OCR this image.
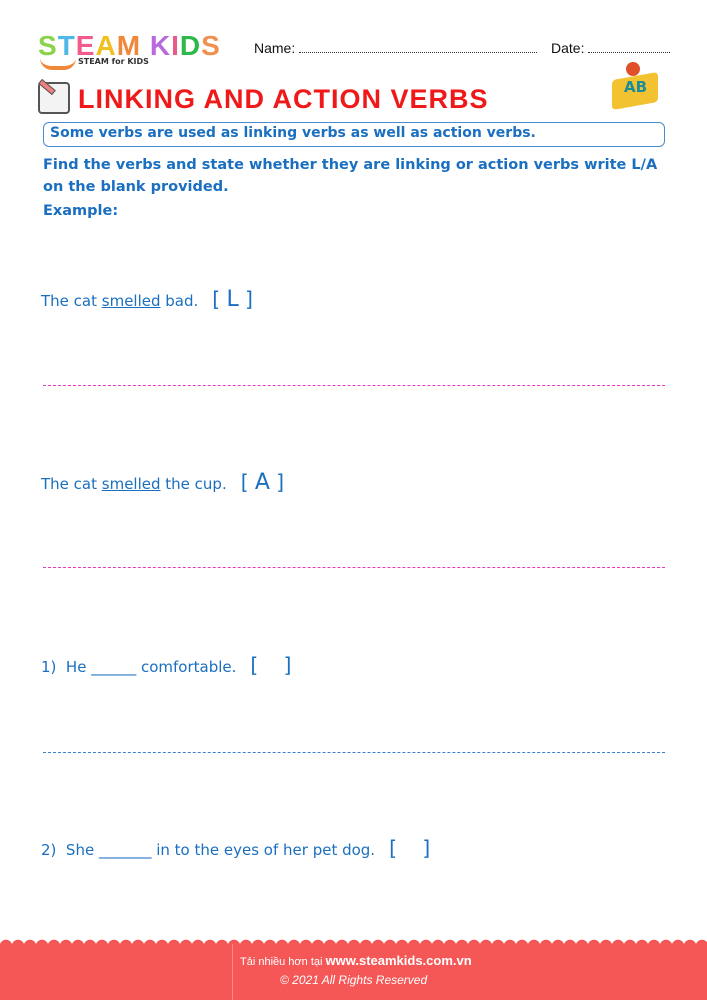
STEAM KIDS
STEAM for KIDS
Name:	Date:
LINKING AND ACTION VERBS	AB
Some verbs are used as linking verbs as well as action verbs.
Find the verbs and state whether they are linking or action verbs write L/A on the blank provided.
Example:
The cat smelled bad. [ L ]
The cat smelled the cup. [ A ]
1)  He ______ comfortable. [    ]
2)  She _______ in to the eyes of her pet dog. [    ]
Tải nhiều hơn tại www.steamkids.com.vn
© 2021 All Rights Reserved
